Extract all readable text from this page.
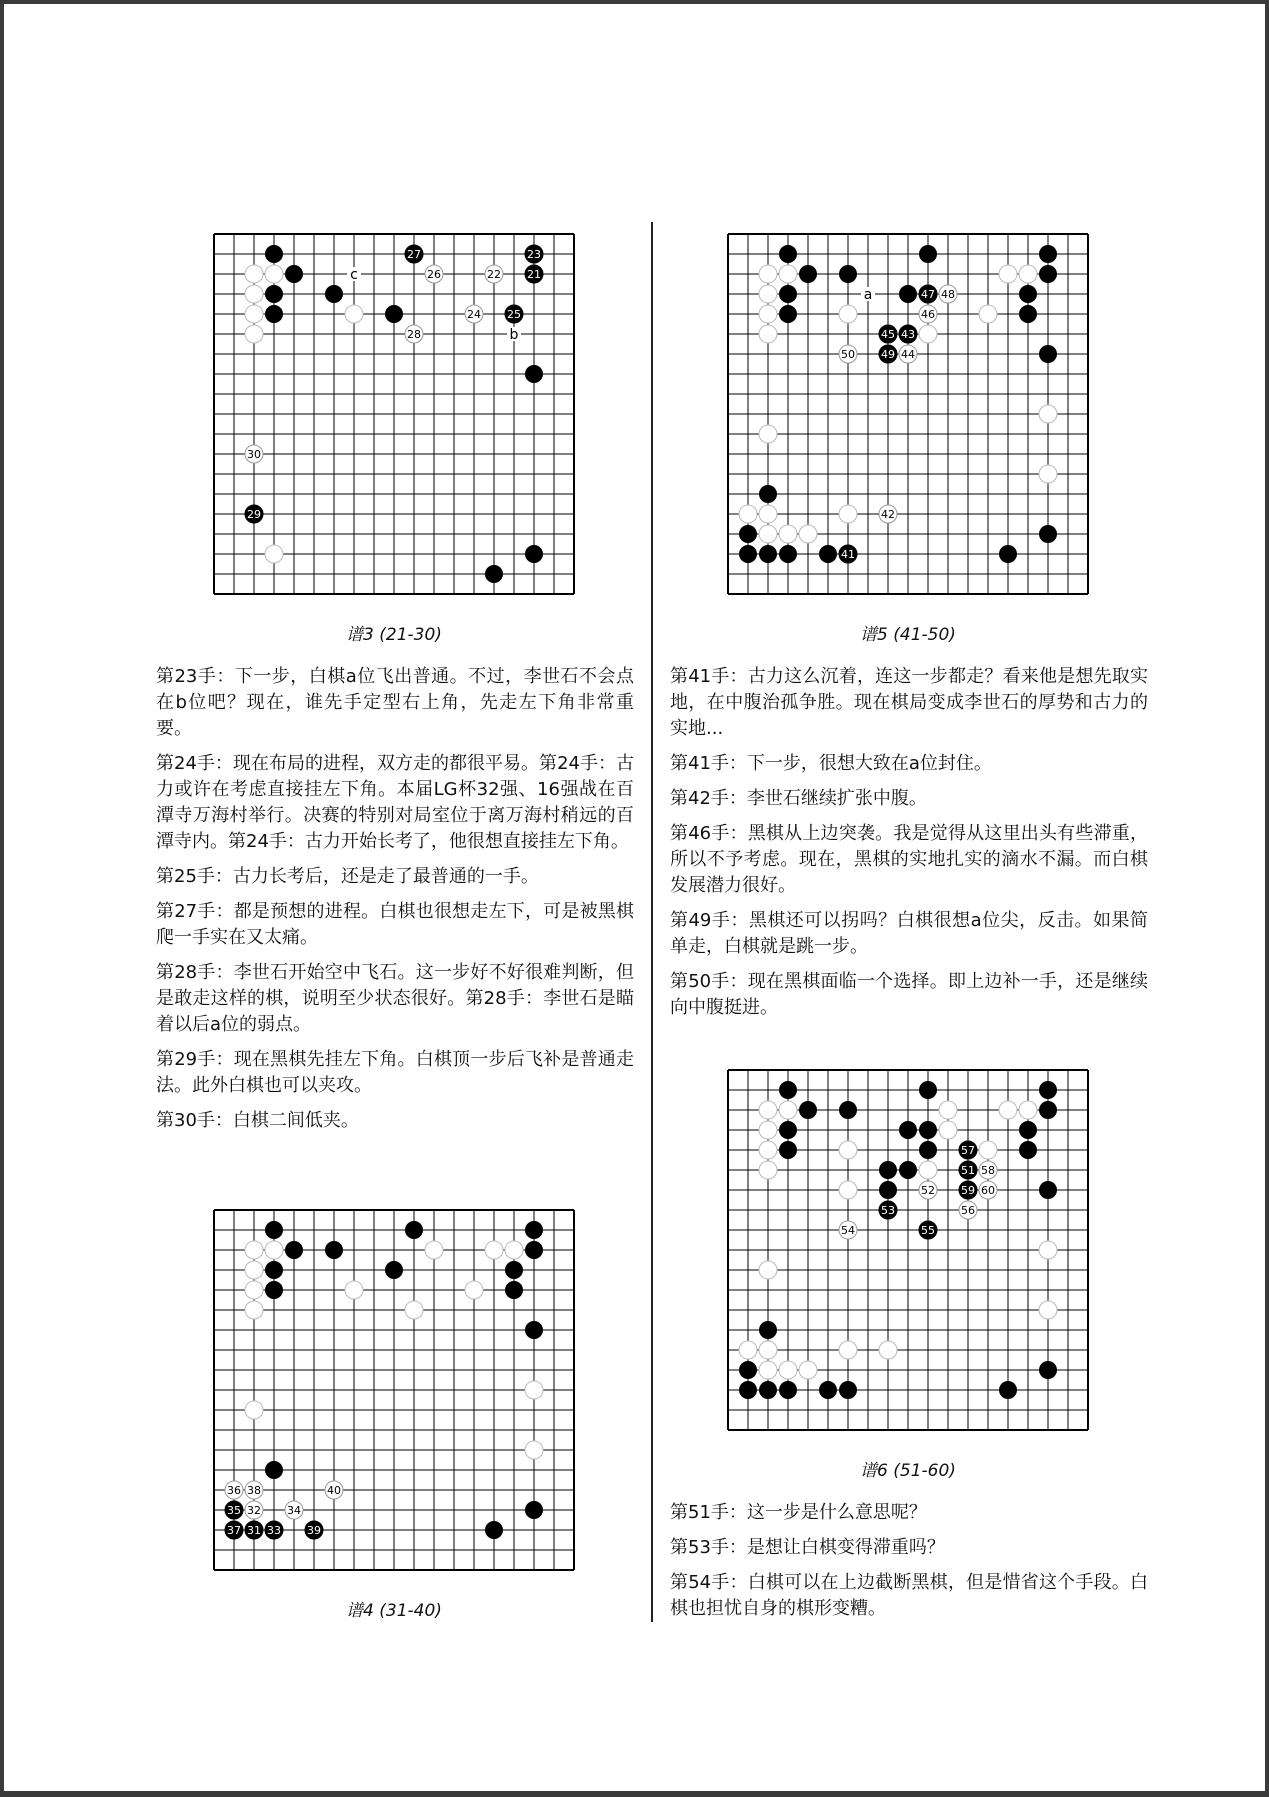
27	23
21
25
29
26	22
24
28
30
c
b
谱3 (21-30)

第23手：下一步，白棋a位飞出普通。不过，李世石不会点在b位吧？现在，谁先手定型右上角，先走左下角非常重要。

第24手：现在布局的进程，双方走的都很平易。第24手：古力或许在考虑直接挂左下角。本届LG杯32强、16强战在百潭寺万海村举行。决赛的特别对局室位于离万海村稍远的百潭寺内。第24手：古力开始长考了，他很想直接挂左下角。

第25手：古力长考后，还是走了最普通的一手。

第27手：都是预想的进程。白棋也很想走左下，可是被黑棋爬一手实在又太痛。

第28手：李世石开始空中飞石。这一步好不好很难判断，但是敢走这样的棋，说明至少状态很好。第28手：李世石是瞄着以后a位的弱点。

第29手：现在黑棋先挂左下角。白棋顶一步后飞补是普通走法。此外白棋也可以夹攻。

第30手：白棋二间低夹。

35
37 31 33 39
36 38
32 34
40
谱4 (31-40)
47
45 43
49
41
48
46
44
50
42
a
谱5 (41-50)

第41手：古力这么沉着，连这一步都走？看来他是想先取实地，在中腹治孤争胜。现在棋局变成李世石的厚势和古力的实地...

第41手：下一步，很想大致在a位封住。

第42手：李世石继续扩张中腹。

第46手：黑棋从上边突袭。我是觉得从这里出头有些滞重，所以不予考虑。现在，黑棋的实地扎实的滴水不漏。而白棋发展潜力很好。

第49手：黑棋还可以拐吗？白棋很想a位尖，反击。如果简单走，白棋就是跳一步。

第50手：现在黑棋面临一个选择。即上边补一手，还是继续向中腹挺进。

57
51
59
53
55
58
60
52
56
54
谱6 (51-60)

第51手：这一步是什么意思呢？

第53手：是想让白棋变得滞重吗？

第54手：白棋可以在上边截断黑棋，但是惜省这个手段。白棋也担忧自身的棋形变糟。
